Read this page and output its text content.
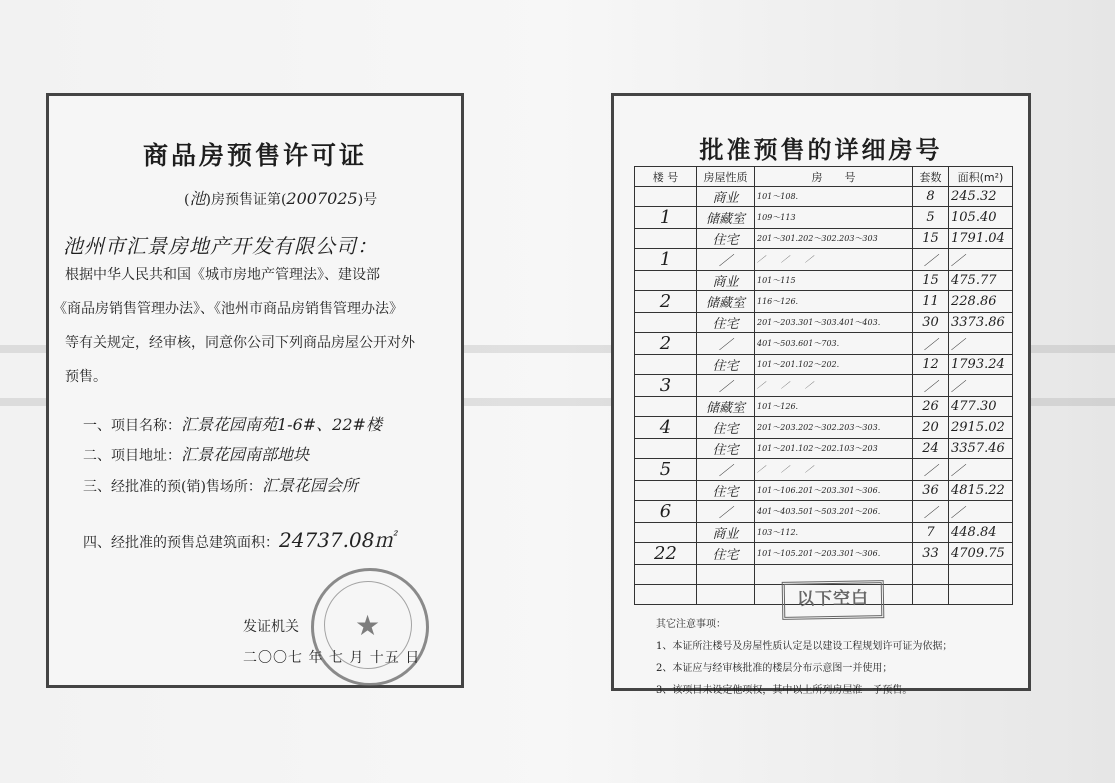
商品房预售许可证
(池)房预售证第(2007025)号
池州市汇景房地产开发有限公司：
根据中华人民共和国《城市房地产管理法》、建设部
《商品房销售管理办法》、《池州市商品房销售管理办法》
等有关规定，经审核，同意你公司下列商品房屋公开对外
预售。
一、项目名称：汇景花园南苑1-6#、22#楼
二、项目地址：汇景花园南部地块
三、经批准的预(销)售场所：汇景花园会所
四、经批准的预售总建筑面积：24737.08㎡
★
发证机关
二〇〇七 年 七 月 十五 日
批准预售的详细房号
楼 号	房屋性质	房　　号	套数	面积(m²)
	商业	101～108.	8	245.32
1	储藏室	109～113	5	105.40
	住宅	201～301.202～302.203～303	15	1791.04
1	／	／　　／　　／	／	／
	商业	101～115	15	475.77
2	储藏室	116～126.	11	228.86
	住宅	201～203.301～303.401～403.	30	3373.86
2	／	401～503.601～703.	／	／
	住宅	101～201.102～202.	12	1793.24
3	／	／　　／　　／	／	／
	储藏室	101～126.	26	477.30
4	住宅	201～203.202～302.203～303.	20	2915.02
	住宅	101～201.102～202.103～203	24	3357.46
5	／	／　　／　　／	／	／
	住宅	101～106.201～203.301～306.	36	4815.22
6	／	401～403.501～503.201～206.	／	／
	商业	103～112.	7	448.84
22	住宅	101～105.201～203.301～306.	33	4709.75

以下空白
其它注意事项：
1、本证所注楼号及房屋性质认定是以建设工程规划许可证为依据；
2、本证应与经审核批准的楼层分布示意图一并使用；
3、该项目未设定他项权，其中以上所列房屋准　予预售。
